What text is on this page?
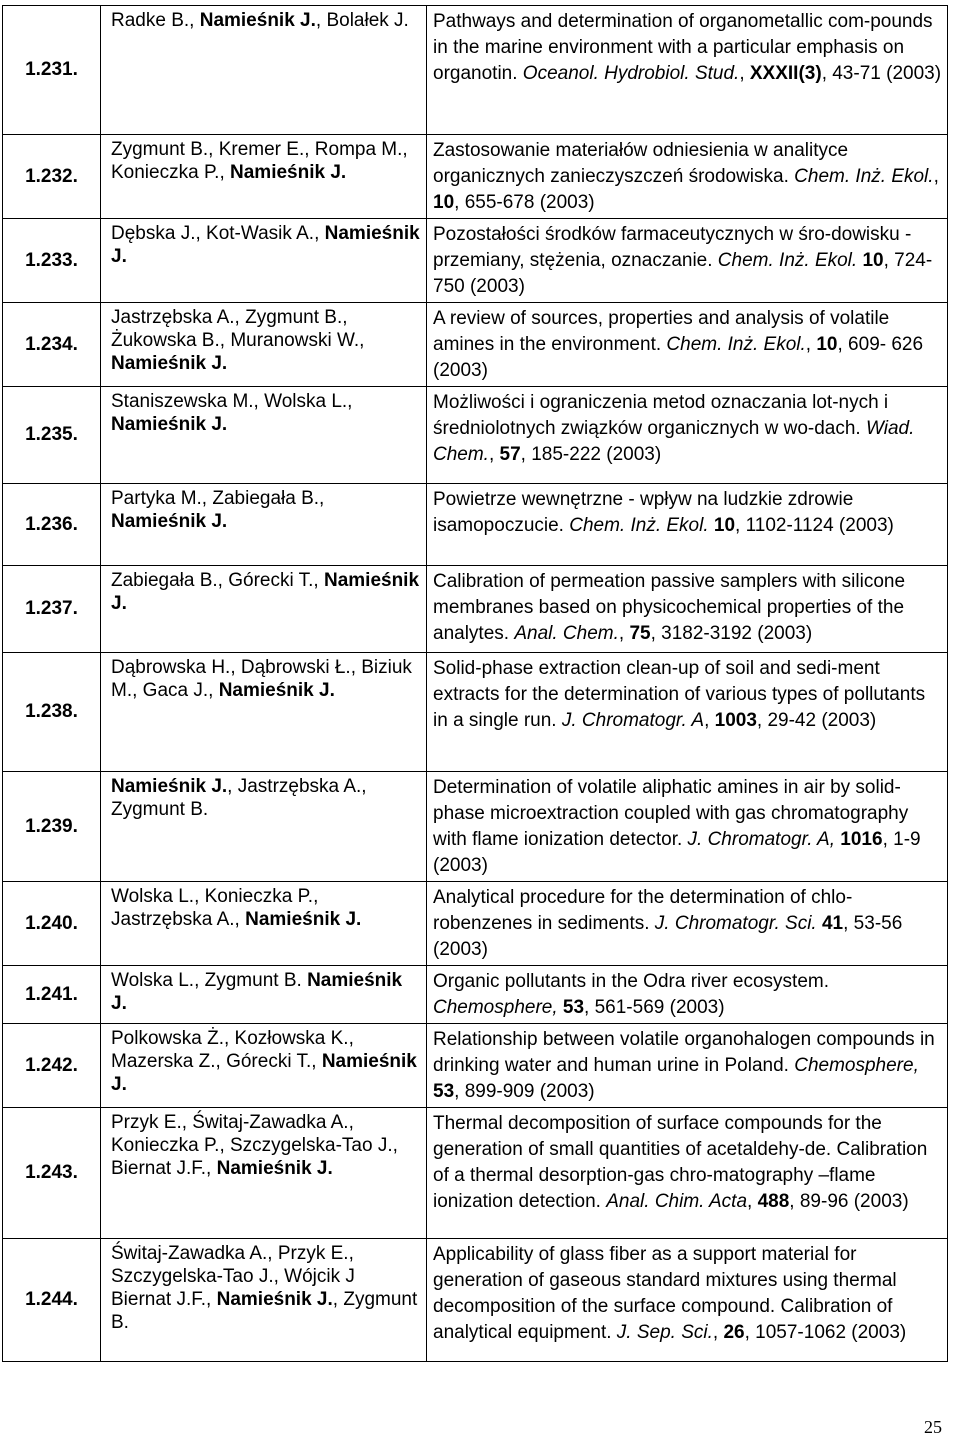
1.231.	Radke B., Namieśnik J., Bolałek J.	Pathways and determination of organometallic com-pounds in the marine environment with a particular emphasis on organotin. Oceanol. Hydrobiol. Stud., XXXII(3), 43-71 (2003)
1.232.	Zygmunt B., Kremer E., Rompa M., Konieczka P., Namieśnik J.	Zastosowanie materiałów odniesienia w analityce organicznych zanieczyszczeń środowiska. Chem. Inż. Ekol., 10, 655-678 (2003)
1.233.	Dębska J., Kot-Wasik A., Namieśnik J.	Pozostałości środków farmaceutycznych w śro-dowisku - przemiany, stężenia, oznaczanie. Chem. Inż. Ekol. 10, 724-750 (2003)
1.234.	Jastrzębska A., Zygmunt B., Żukowska B., Muranowski W., Namieśnik J.	A review of sources, properties and analysis of volatile amines in the environment. Chem. Inż. Ekol., 10, 609- 626 (2003)
1.235.	Staniszewska M., Wolska L., Namieśnik J.	Możliwości i ograniczenia metod oznaczania lot-nych i średniolotnych związków organicznych w wo-dach. Wiad. Chem., 57, 185-222 (2003)
1.236.	Partyka M., Zabiegała B., Namieśnik J.	Powietrze wewnętrzne - wpływ na ludzkie zdrowie isamopoczucie. Chem. Inż. Ekol. 10, 1102-1124 (2003)
1.237.	Zabiegała B., Górecki T., Namieśnik J.	Calibration of permeation passive samplers with silicone membranes based on physicochemical properties of the analytes. Anal. Chem., 75, 3182-3192 (2003)
1.238.	Dąbrowska H., Dąbrowski Ł., Biziuk M., Gaca J., Namieśnik J.	Solid-phase extraction clean-up of soil and sedi-ment extracts for the determination of various types of pollutants in a single run. J. Chromatogr. A, 1003, 29-42 (2003)
1.239.	Namieśnik J., Jastrzębska A., Zygmunt B.	Determination of volatile aliphatic amines in air by solid-phase microextraction coupled with gas chromatography with flame ionization detector. J. Chromatogr. A, 1016, 1-9 (2003)
1.240.	Wolska L., Konieczka P., Jastrzębska A., Namieśnik J.	Analytical procedure for the determination of chlo-robenzenes in sediments. J. Chromatogr. Sci. 41, 53-56 (2003)
1.241.	Wolska L., Zygmunt B. Namieśnik J.	Organic pollutants in the Odra river ecosystem. Chemosphere, 53, 561-569 (2003)
1.242.	Polkowska Ż., Kozłowska K., Mazerska Z., Górecki T., Namieśnik J.	Relationship between volatile organohalogen compounds in drinking water and human urine in Poland. Chemosphere, 53, 899-909 (2003)
1.243.	Przyk E., Świtaj-Zawadka A., Konieczka P., Szczygelska-Tao J., Biernat J.F., Namieśnik J.	Thermal decomposition of surface compounds for the generation of small quantities of acetaldehy-de. Calibration of a thermal desorption-gas chro-matography –flame ionization detection. Anal. Chim. Acta, 488, 89-96 (2003)
1.244.	Świtaj-Zawadka A., Przyk E., Szczygelska-Tao J., Wójcik J Biernat J.F., Namieśnik J., Zygmunt B.	Applicability of glass fiber as a support material for generation of gaseous standard mixtures using thermal decomposition of the surface compound. Calibration of analytical equipment. J. Sep. Sci., 26, 1057-1062 (2003)
25
